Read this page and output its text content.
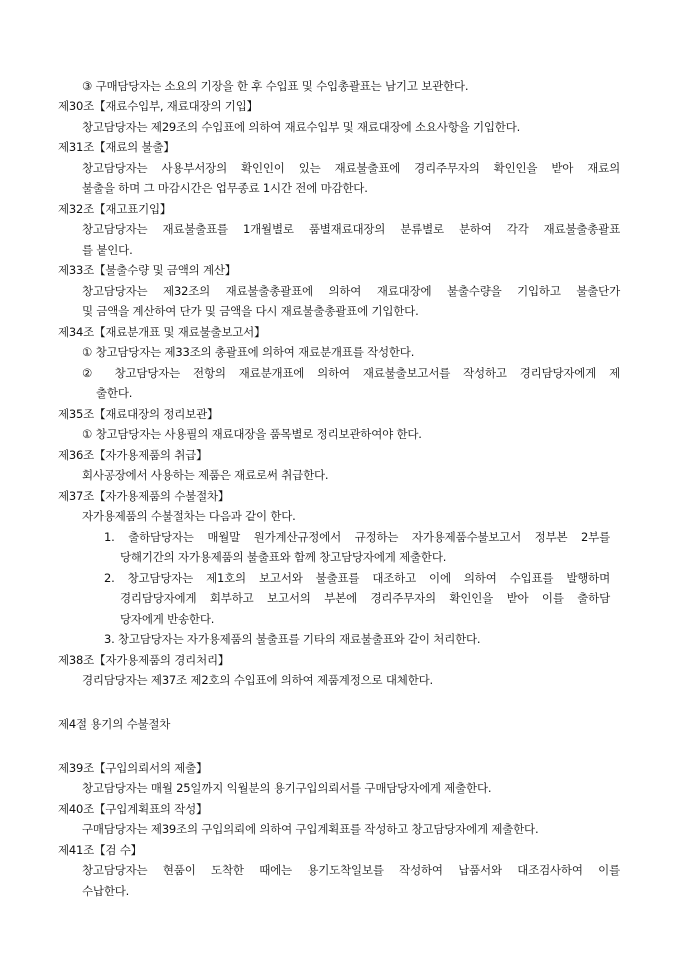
③ 구매담당자는 소요의 기장을 한 후 수입표 및 수입총괄표는 남기고 보관한다.
제30조【재료수입부, 재료대장의 기입】
창고담당자는 제29조의 수입표에 의하여 재료수입부 및 재료대장에 소요사항을 기입한다.
제31조【재료의 불출】
창고담당자는 사용부서장의 확인인이 있는 재료불출표에 경리주무자의 확인인을 받아 재료의
불출을 하며 그 마감시간은 업무종료 1시간 전에 마감한다.
제32조【재고표기입】
창고담당자는 재료불출표를 1개월별로 품별재료대장의 분류별로 분하여 각각 재료불출총괄표
를 붙인다.
제33조【불출수량 및 금액의 계산】
창고담당자는 제32조의 재료불출총괄표에 의하여 재료대장에 불출수량을 기입하고 불출단가
및 금액을 계산하여 단가 및 금액을 다시 재료불출총괄표에 기입한다.
제34조【재료분개표 및 재료불출보고서】
① 창고담당자는 제33조의 총괄표에 의하여 재료분개표를 작성한다.
② 창고담당자는 전항의 재료분개표에 의하여 재료불출보고서를 작성하고 경리담당자에게 제
출한다.
제35조【재료대장의 정리보관】
① 창고담당자는 사용필의 재료대장을 품목별로 정리보관하여야 한다.
제36조【자가용제품의 취급】
회사공장에서 사용하는 제품은 재료로써 취급한다.
제37조【자가용제품의 수불절차】
자가용제품의 수불절차는 다음과 같이 한다.
1. 출하담당자는 매월말 원가계산규정에서 규정하는 자가용제품수불보고서 정부본 2부를
당해기간의 자가용제품의 불출표와 함께 창고담당자에게 제출한다.
2. 창고담당자는 제1호의 보고서와 불출표를 대조하고 이에 의하여 수입표를 발행하며
경리담당자에게 회부하고 보고서의 부본에 경리주무자의 확인인을 받아 이를 출하담
당자에게 반송한다.
3. 창고담당자는 자가용제품의 불출표를 기타의 재료불출표와 같이 처리한다.
제38조【자가용제품의 경리처리】
경리담당자는 제37조 제2호의 수입표에 의하여 제품계정으로 대체한다.
제4절 용기의 수불절차
제39조【구입의뢰서의 제출】
창고담당자는 매월 25일까지 익월분의 용기구입의뢰서를 구매담당자에게 제출한다.
제40조【구입계획표의 작성】
구매담당자는 제39조의 구입의뢰에 의하여 구입계획표를 작성하고 창고담당자에게 제출한다.
제41조【검 수】
창고담당자는 현품이 도착한 때에는 용기도착일보를 작성하여 납품서와 대조검사하여 이를
수납한다.
